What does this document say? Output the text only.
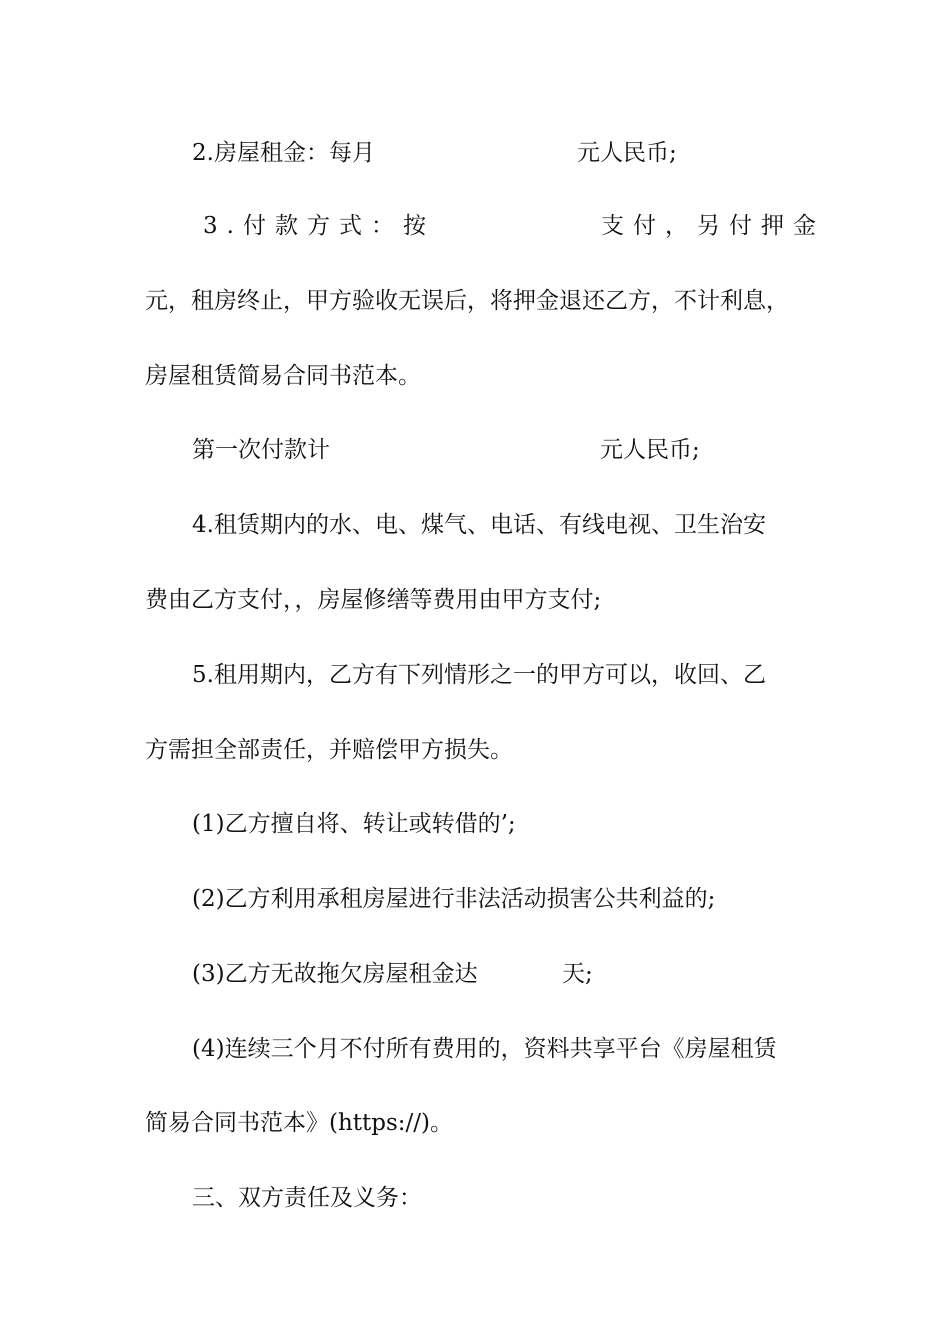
2.房屋租金：每月	元人民币;
3.付款方式：按	支付，另付押金
元，租房终止，甲方验收无误后，将押金退还乙方，不计利息，
房屋租赁简易合同书范本。
第一次付款计	元人民币;
4.租赁期内的水、电、煤气、电话、有线电视、卫生治安
费由乙方支付，，房屋修缮等费用由甲方支付;
5.租用期内，乙方有下列情形之一的甲方可以，收回、乙
方需担全部责任，并赔偿甲方损失。
(1)乙方擅自将、转让或转借的’;
(2)乙方利用承租房屋进行非法活动损害公共利益的;
(3)乙方无故拖欠房屋租金达	天;
(4)连续三个月不付所有费用的，资料共享平台《房屋租赁
简易合同书范本》(https://)。
三、双方责任及义务：
